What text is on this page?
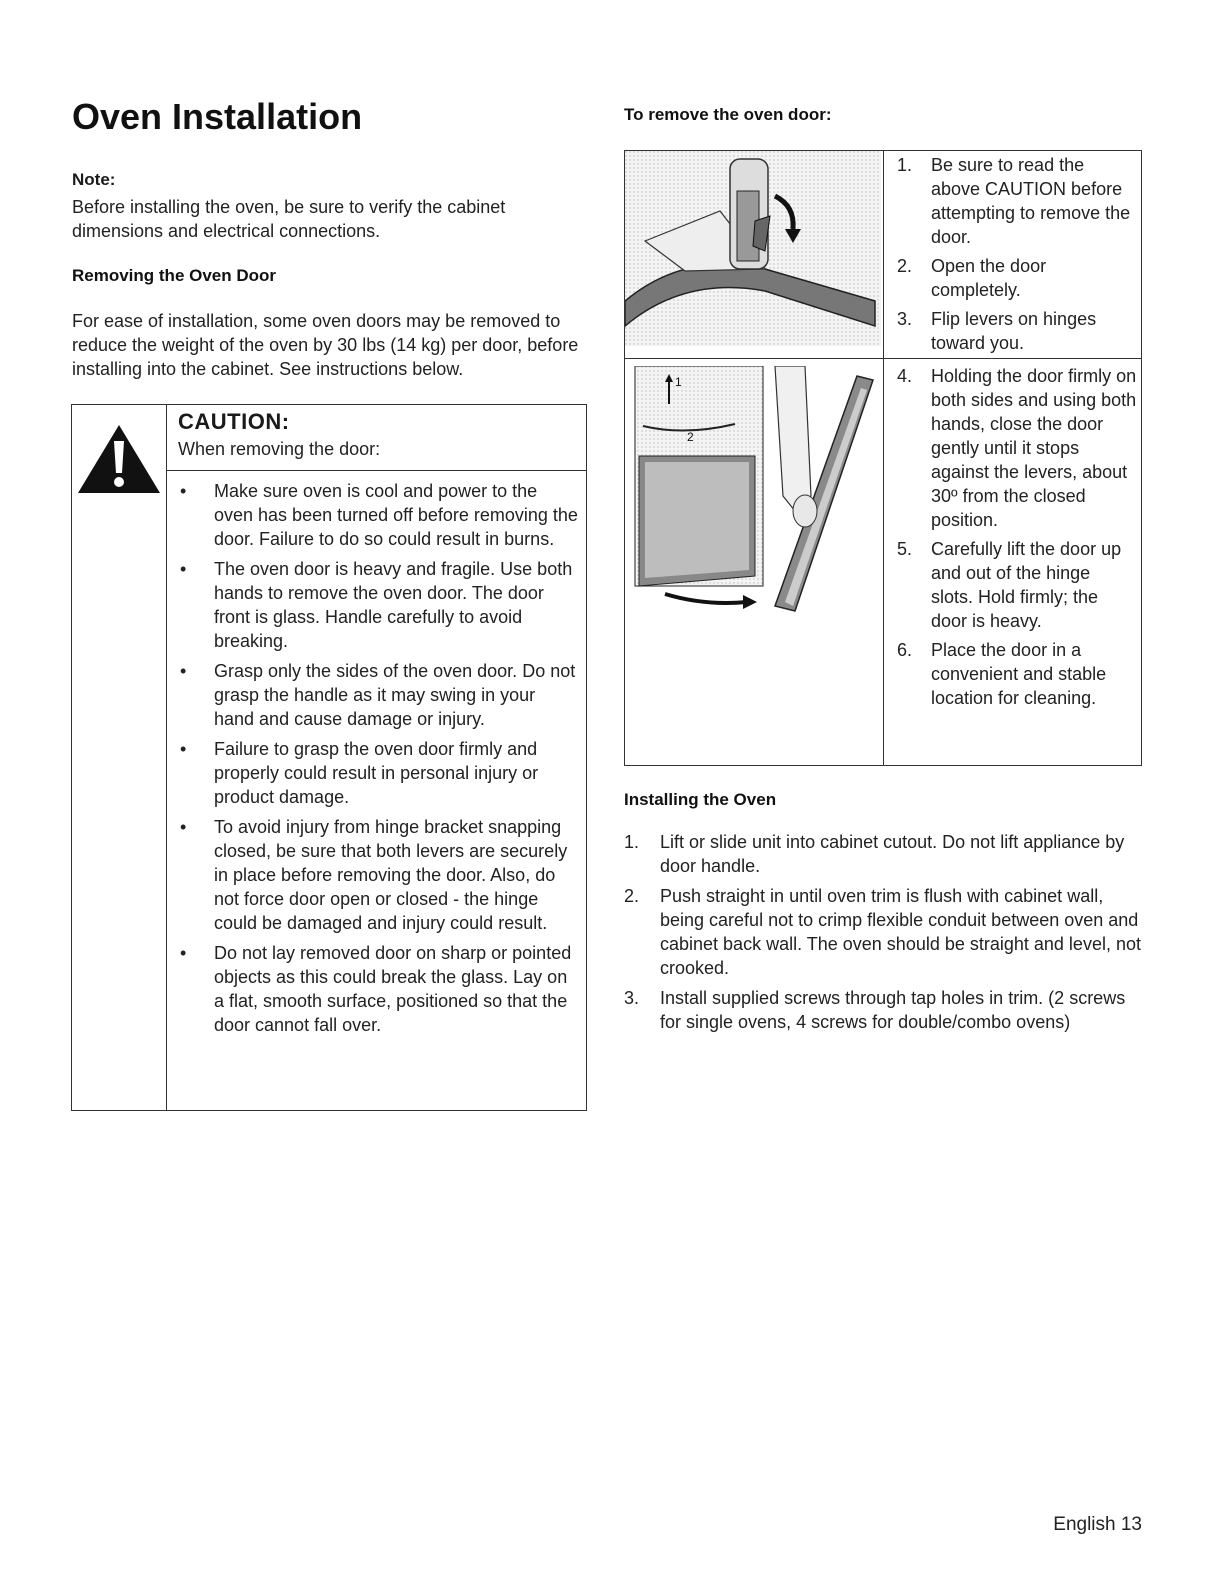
Oven Installation
Note:
Before installing the oven, be sure to verify the cabinet dimensions and electrical connections.
Removing the Oven Door
For ease of installation, some oven doors may be removed to reduce the weight of the oven by 30 lbs (14 kg) per door, before installing into the cabinet. See instructions below.
CAUTION:
When removing the door:
• Make sure oven is cool and power to the oven has been turned off before removing the door. Failure to do so could result in burns.
• The oven door is heavy and fragile. Use both hands to remove the oven door. The door front is glass. Handle carefully to avoid breaking.
• Grasp only the sides of the oven door. Do not grasp the handle as it may swing in your hand and cause damage or injury.
• Failure to grasp the oven door firmly and properly could result in personal injury or product damage.
• To avoid injury from hinge bracket snapping closed, be sure that both levers are securely in place before removing the door. Also, do not force door open or closed - the hinge could be damaged and injury could result.
• Do not lay removed door on sharp or pointed objects as this could break the glass. Lay on a flat, smooth surface, positioned so that the door cannot fall over.
To remove the oven door:
1
2
1. Be sure to read the above CAUTION before attempting to remove the door.
2. Open the door completely.
3. Flip levers on hinges toward you.
4. Holding the door firmly on both sides and using both hands, close the door gently until it stops against the levers, about 30º from the closed position.
5. Carefully lift the door up and out of the hinge slots. Hold firmly; the door is heavy.
6. Place the door in a convenient and stable location for cleaning.
Installing the Oven
1. Lift or slide unit into cabinet cutout. Do not lift appliance by door handle.
2. Push straight in until oven trim is flush with cabinet wall, being careful not to crimp flexible conduit between oven and cabinet back wall. The oven should be straight and level, not crooked.
3. Install supplied screws through tap holes in trim. (2 screws for single ovens, 4 screws for double/combo ovens)
English 13
